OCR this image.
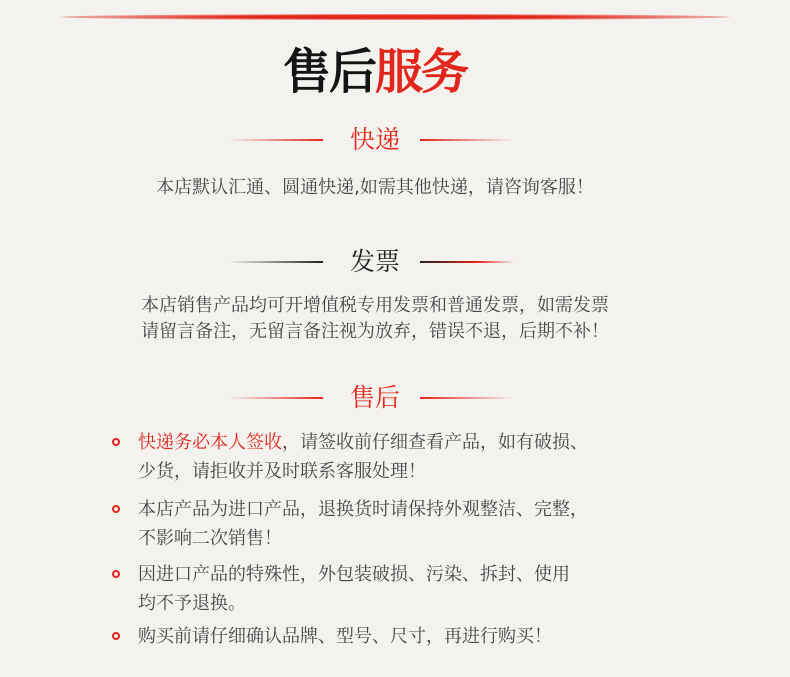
售后服务
快递
本店默认汇通、圆通快递,如需其他快递，请咨询客服！
发票
本店销售产品均可开增值税专用发票和普通发票，如需发票
请留言备注，无留言备注视为放弃，错误不退，后期不补！
售后
快递务必本人签收，请签收前仔细查看产品，如有破损、
少货，请拒收并及时联系客服处理！
本店产品为进口产品，退换货时请保持外观整洁、完整，
不影响二次销售！
因进口产品的特殊性，外包装破损、污染、拆封、使用
均不予退换。
购买前请仔细确认品牌、型号、尺寸，再进行购买！
